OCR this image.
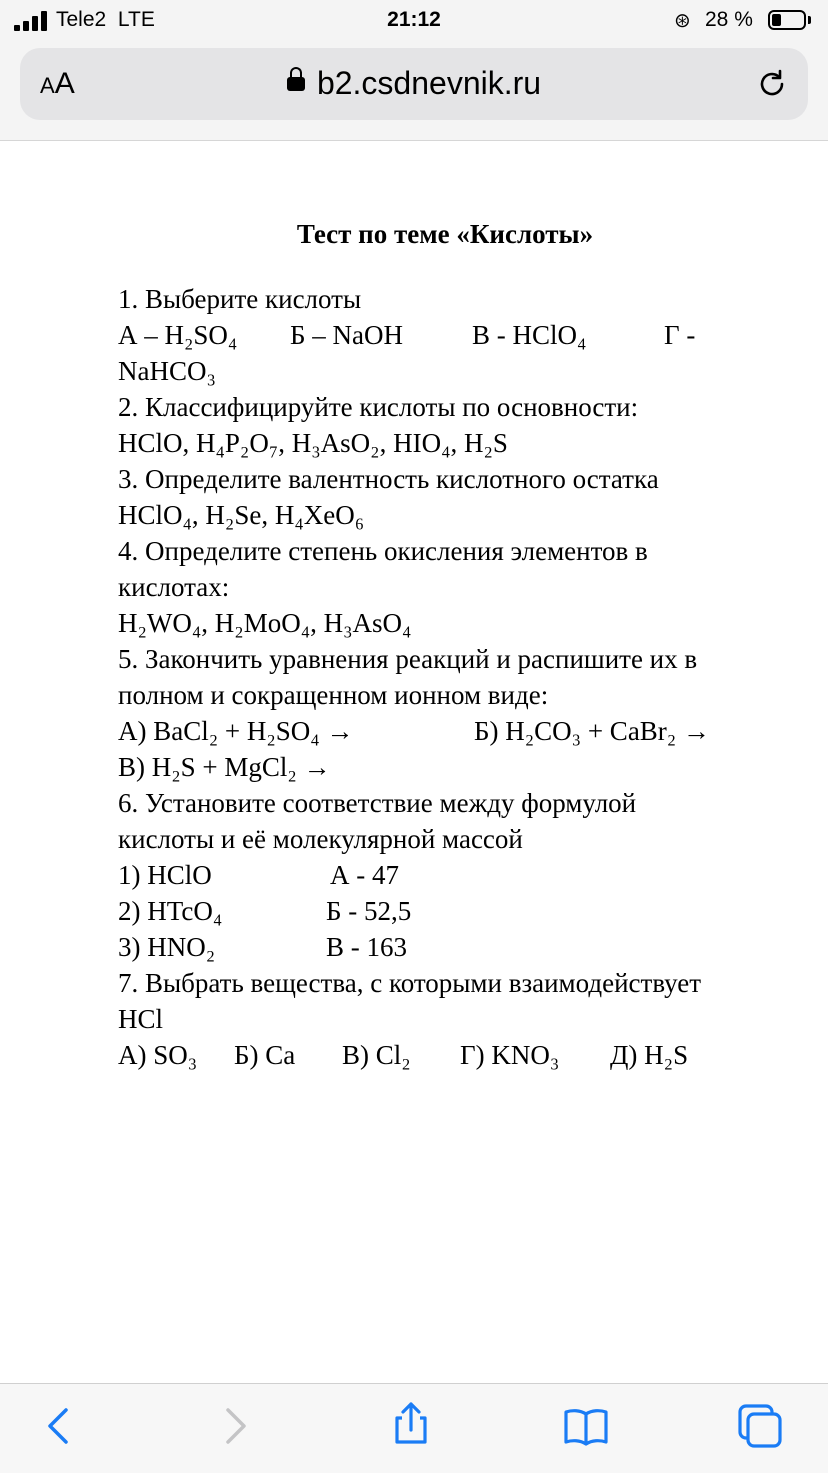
Tele2 LTE	21:12	⊛ 28 %
AA	b2.csdnevnik.ru
Тест по теме «Кислоты»
1. Выберите кислоты
А – H₂SO₄ Б – NaOH	В - HClO₄	Г -
NaHCO₃
2. Классифицируйте кислоты по основности:
HClO, H₄P₂O₇, H₃AsO₂, HIO₄, H₂S
3. Определите валентность кислотного остатка
HClO₄, H₂Se, H₄XeO₆
4. Определите степень окисления элементов в
кислотах:
H₂WO₄, H₂MoO₄, H₃AsO₄
5. Закончить уравнения реакций и распишите их в
полном и сокращенном ионном виде:
А) BaCl₂ + H₂SO₄ →	Б) H₂CO₃ + CaBr₂ →
В) H₂S + MgCl₂ →
6. Установите соответствие между формулой
кислоты и её молекулярной массой
1) HClO	А - 47
2) HTcO₄	Б - 52,5
3) HNO₂	В - 163
7. Выбрать вещества, с которыми взаимодействует
HCl
А) SO₃ Б) Ca В) Cl₂ Г) KNO₃ Д) H₂S
